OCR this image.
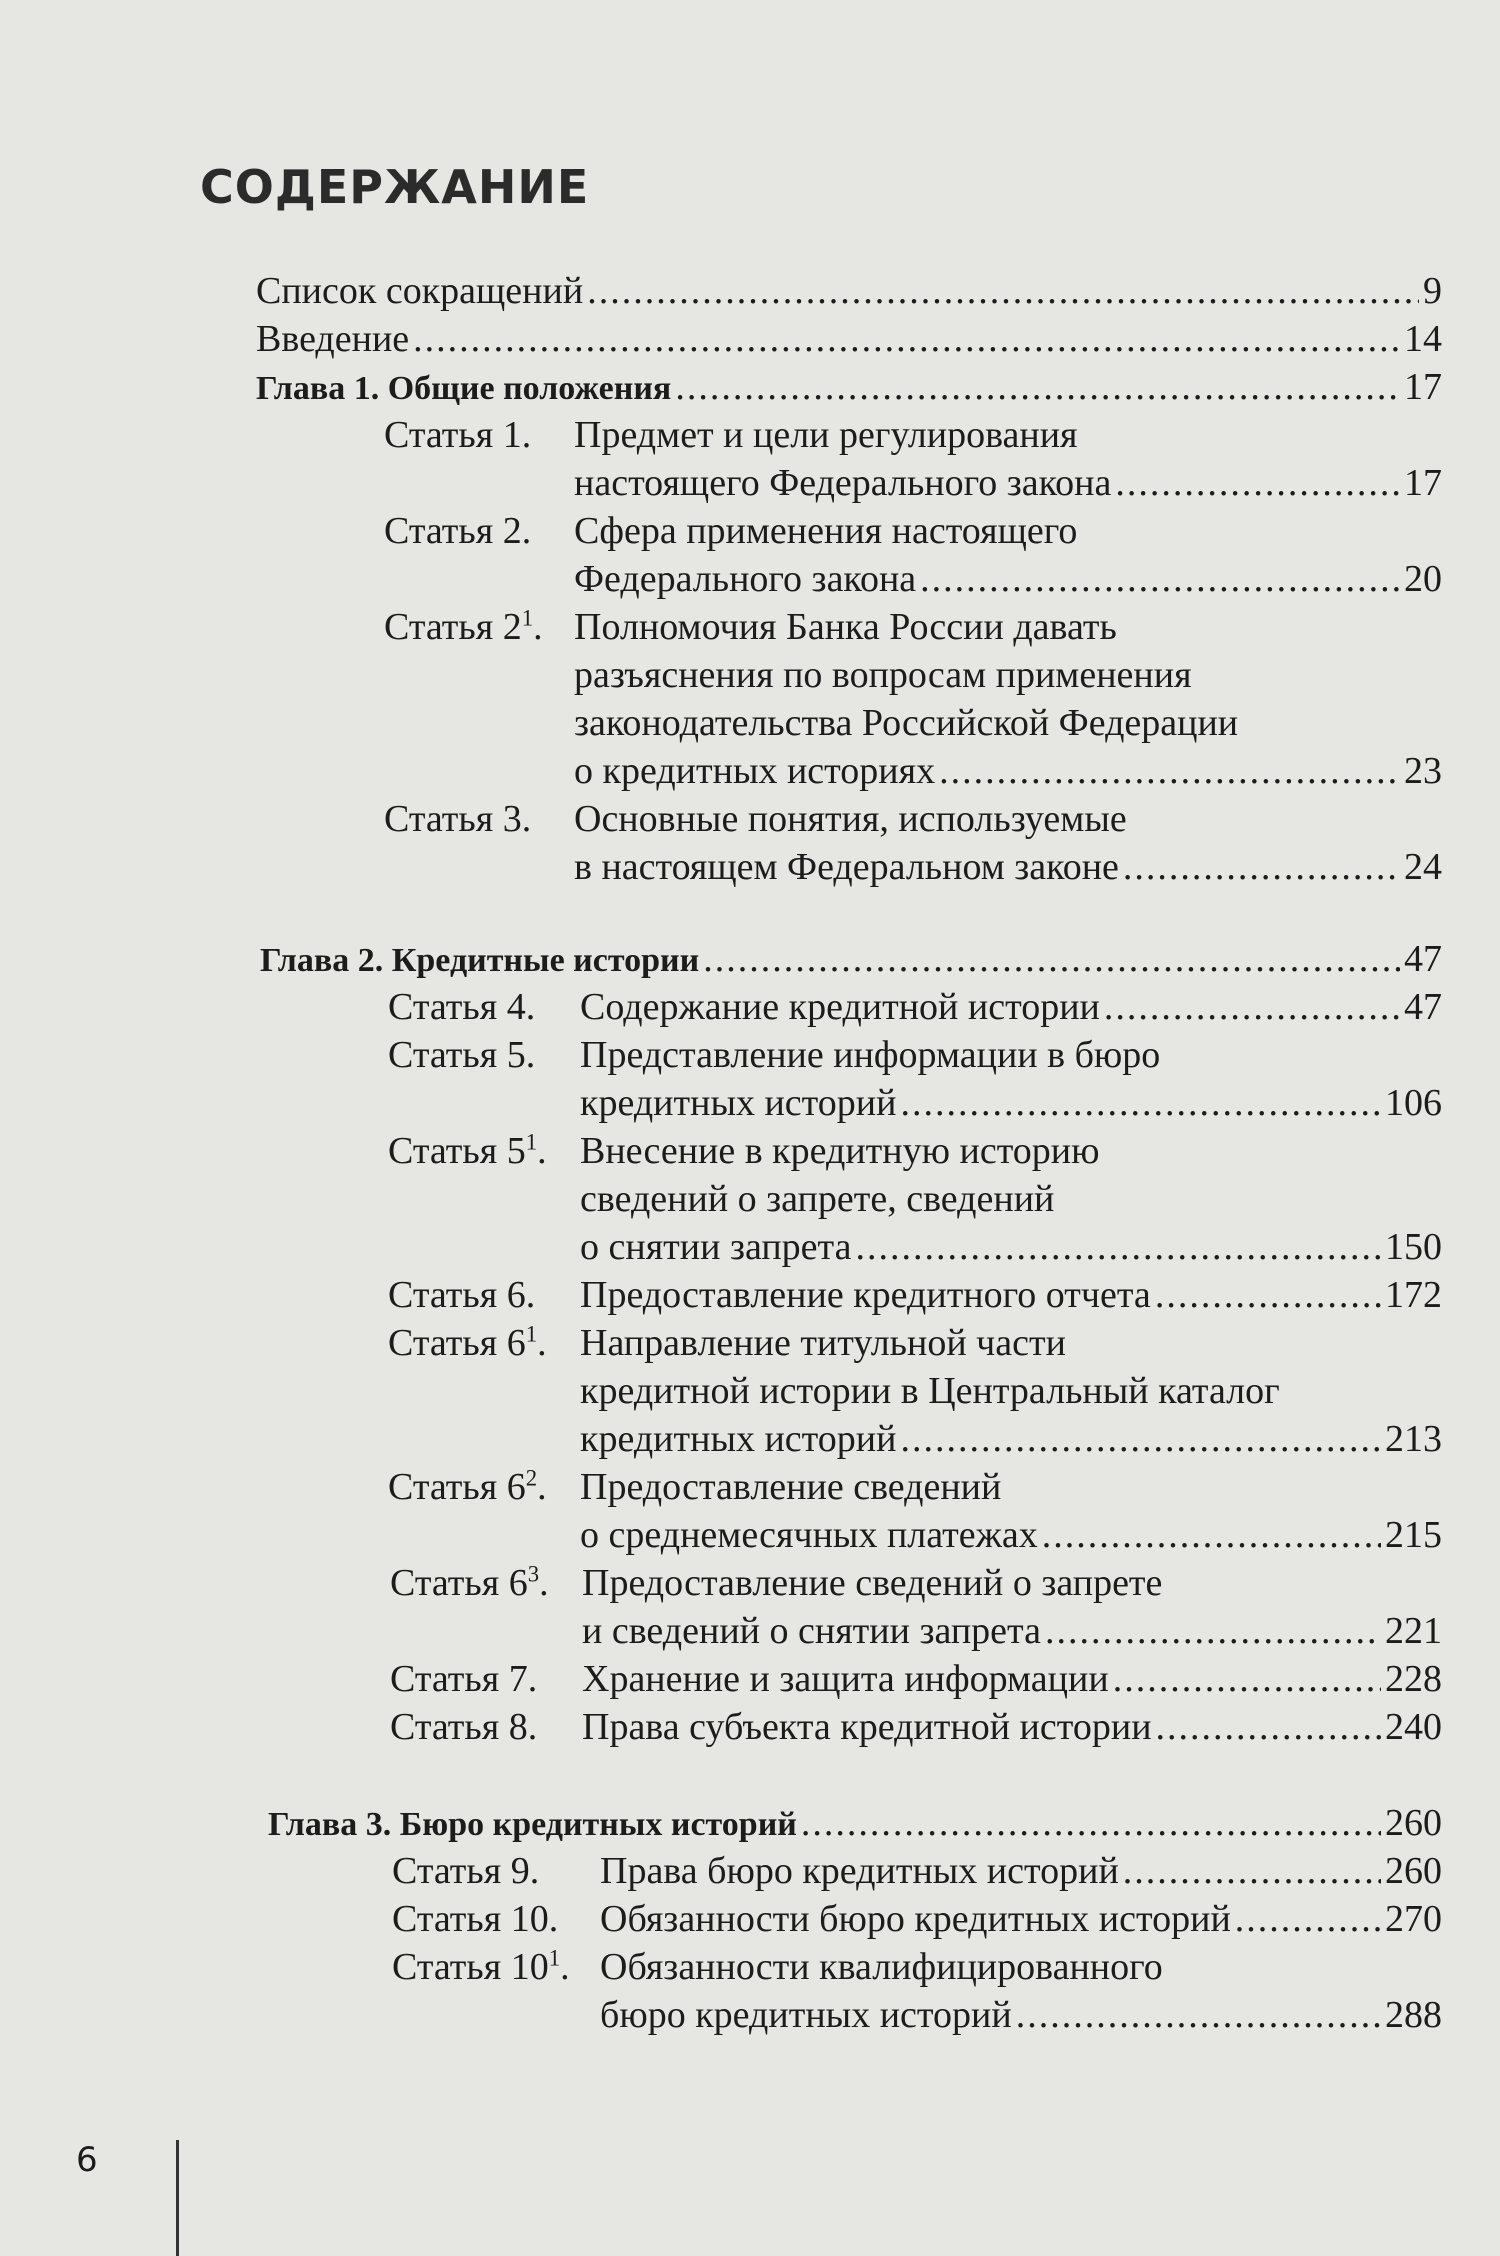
СОДЕРЖАНИЕ
Список сокращений .....	9
Введение .....	14
Глава 1. Общие положения .....	17
Статья 1. Предмет и цели регулирования
настоящего Федерального закона .....	17
Статья 2. Сфера применения настоящего
Федерального закона .....	20
Статья $2^1$. Полномочия Банка России давать
разъяснения по вопросам применения
законодательства Российской Федерации
о кредитных историях .....	23
Статья 3. Основные понятия, используемые
в настоящем Федеральном законе .....	24
Глава 2. Кредитные истории .....	47
Статья 4. Содержание кредитной истории .....	47
Статья 5. Представление информации в бюро
кредитных историй .....	106
Статья $5^1$. Внесение в кредитную историю
сведений о запрете, сведений
о снятии запрета .....	150
Статья 6. Предоставление кредитного отчета .....	172
Статья $6^1$. Направление титульной части
кредитной истории в Центральный каталог
кредитных историй .....	213
Статья $6^2$. Предоставление сведений
о среднемесячных платежах .....	215
Статья $6^3$. Предоставление сведений о запрете
и сведений о снятии запрета .....	221
Статья 7. Хранение и защита информации .....	228
Статья 8. Права субъекта кредитной истории .....	240
Глава 3. Бюро кредитных историй .....	260
Статья 9. Права бюро кредитных историй .....	260
Статья 10. Обязанности бюро кредитных историй .....	270
Статья $10^1$. Обязанности квалифицированного
бюро кредитных историй .....	288
6
